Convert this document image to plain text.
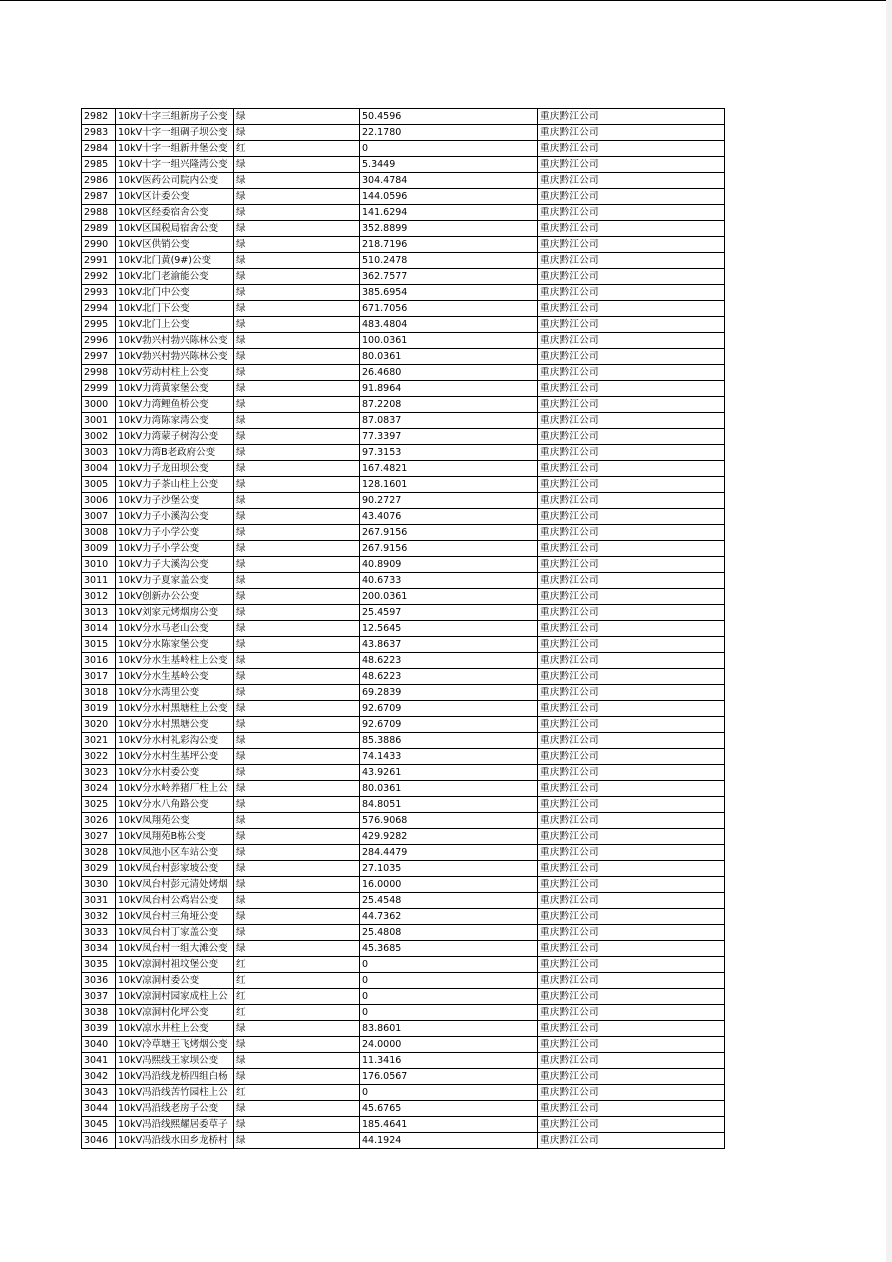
2982	10kV十字三组新房子公变	绿	50.4596	重庆黔江公司
2983	10kV十字一组碉子坝公变	绿	22.1780	重庆黔江公司
2984	10kV十字一组新井堡公变	红	0	重庆黔江公司
2985	10kV十字一组兴隆湾公变	绿	5.3449	重庆黔江公司
2986	10kV医药公司院内公变	绿	304.4784	重庆黔江公司
2987	10kV区计委公变	绿	144.0596	重庆黔江公司
2988	10kV区经委宿舍公变	绿	141.6294	重庆黔江公司
2989	10kV区国税局宿舍公变	绿	352.8899	重庆黔江公司
2990	10kV区供销公变	绿	218.7196	重庆黔江公司
2991	10kV北门黄(9#)公变	绿	510.2478	重庆黔江公司
2992	10kV北门老渝能公变	绿	362.7577	重庆黔江公司
2993	10kV北门中公变	绿	385.6954	重庆黔江公司
2994	10kV北门下公变	绿	671.7056	重庆黔江公司
2995	10kV北门上公变	绿	483.4804	重庆黔江公司
2996	10kV勃兴村勃兴陈林公变	绿	100.0361	重庆黔江公司
2997	10kV勃兴村勃兴陈林公变	绿	80.0361	重庆黔江公司
2998	10kV劳动村柱上公变	绿	26.4680	重庆黔江公司
2999	10kV力湾黄家堡公变	绿	91.8964	重庆黔江公司
3000	10kV力湾鲤鱼桥公变	绿	87.2208	重庆黔江公司
3001	10kV力湾陈家湾公变	绿	87.0837	重庆黔江公司
3002	10kV力湾蒙子树沟公变	绿	77.3397	重庆黔江公司
3003	10kV力湾B老政府公变	绿	97.3153	重庆黔江公司
3004	10kV力子龙田坝公变	绿	167.4821	重庆黔江公司
3005	10kV力子茶山柱上公变	绿	128.1601	重庆黔江公司
3006	10kV力子沙堡公变	绿	90.2727	重庆黔江公司
3007	10kV力子小溪沟公变	绿	43.4076	重庆黔江公司
3008	10kV力子小学公变	绿	267.9156	重庆黔江公司
3009	10kV力子小学公变	绿	267.9156	重庆黔江公司
3010	10kV力子大溪沟公变	绿	40.8909	重庆黔江公司
3011	10kV力子夏家盖公变	绿	40.6733	重庆黔江公司
3012	10kV创新办公公变	绿	200.0361	重庆黔江公司
3013	10kV刘家元烤烟房公变	绿	25.4597	重庆黔江公司
3014	10kV分水马老山公变	绿	12.5645	重庆黔江公司
3015	10kV分水陈家堡公变	绿	43.8637	重庆黔江公司
3016	10kV分水生基岭柱上公变	绿	48.6223	重庆黔江公司
3017	10kV分水生基岭公变	绿	48.6223	重庆黔江公司
3018	10kV分水湾里公变	绿	69.2839	重庆黔江公司
3019	10kV分水村黑塘柱上公变	绿	92.6709	重庆黔江公司
3020	10kV分水村黑塘公变	绿	92.6709	重庆黔江公司
3021	10kV分水村礼彩沟公变	绿	85.3886	重庆黔江公司
3022	10kV分水村生基坪公变	绿	74.1433	重庆黔江公司
3023	10kV分水村委公变	绿	43.9261	重庆黔江公司
3024	10kV分水岭养猪厂柱上公	绿	80.0361	重庆黔江公司
3025	10kV分水八角路公变	绿	84.8051	重庆黔江公司
3026	10kV凤翔苑公变	绿	576.9068	重庆黔江公司
3027	10kV凤翔苑B栋公变	绿	429.9282	重庆黔江公司
3028	10kV凤池小区车站公变	绿	284.4479	重庆黔江公司
3029	10kV凤台村彭家坡公变	绿	27.1035	重庆黔江公司
3030	10kV凤台村彭元清处烤烟	绿	16.0000	重庆黔江公司
3031	10kV凤台村公鸡岩公变	绿	25.4548	重庆黔江公司
3032	10kV凤台村三角垭公变	绿	44.7362	重庆黔江公司
3033	10kV凤台村丁家盖公变	绿	25.4808	重庆黔江公司
3034	10kV凤台村一组大滩公变	绿	45.3685	重庆黔江公司
3035	10kV凉洞村祖坟堡公变	红	0	重庆黔江公司
3036	10kV凉洞村委公变	红	0	重庆黔江公司
3037	10kV凉洞村园家成柱上公	红	0	重庆黔江公司
3038	10kV凉洞村化坪公变	红	0	重庆黔江公司
3039	10kV凉水井柱上公变	绿	83.8601	重庆黔江公司
3040	10kV冷草塘王飞烤烟公变	绿	24.0000	重庆黔江公司
3041	10kV冯熙线王家坝公变	绿	11.3416	重庆黔江公司
3042	10kV冯沿线龙桥四组白杨	绿	176.0567	重庆黔江公司
3043	10kV冯沿线苦竹园柱上公	红	0	重庆黔江公司
3044	10kV冯沿线老房子公变	绿	45.6765	重庆黔江公司
3045	10kV冯沿线熙耀居委草子	绿	185.4641	重庆黔江公司
3046	10kV冯沿线水田乡龙桥村	绿	44.1924	重庆黔江公司
